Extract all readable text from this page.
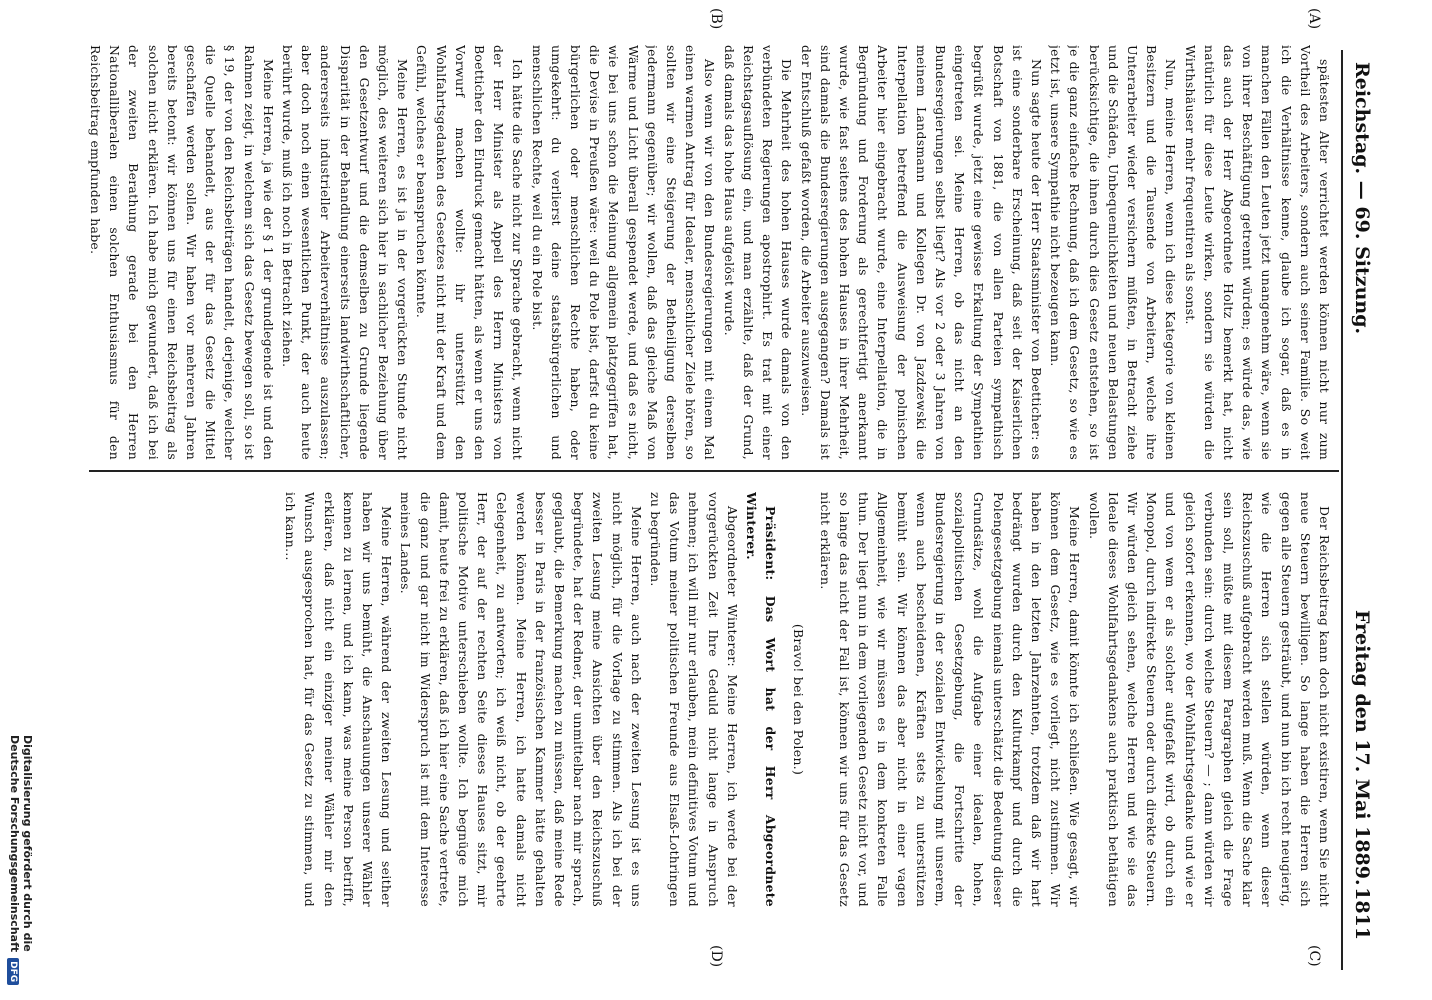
Reichstag. — 69. Sitzung.
Freitag den 17. Mai 1889.
1811
(A)
(B)
(C)
(D)

spätesten Alter verrichtet werden können nicht nur zum Vortheil des Arbeiters, sondern auch seiner Familie. So weit ich die Verhältnisse kenne, glaube ich sogar, daß es in manchen Fällen den Leuten jetzt unangenehm wäre, wenn sie von ihrer Beschäftigung getrennt würden; es würde das, wie das auch der Herr Abgeordnete Holtz bemerkt hat, nicht natürlich für diese Leute wirken, sondern sie würden die Wirthshäuser mehr frequentiren als sonst.

Nun, meine Herren, wenn ich diese Kategorie von kleinen Besitzern und die Tausende von Arbeitern, welche ihre Unterarbeiter wieder versichern müßten, in Betracht ziehe und die Schäden, Unbequemlichkeiten und neuen Belastungen berücksichtige, die ihnen durch dies Gesetz entstehen, so ist je die ganz einfache Rechnung, daß ich dem Gesetz, so wie es jetzt ist, unsere Sympathie nicht bezeugen kann.

Nun sagte heute der Herr Staatsminister von Boetticher: es ist eine sonderbare Erscheinung, daß seit der Kaiserlichen Botschaft von 1881, die von allen Parteien sympathisch begrüßt wurde, jetzt eine gewisse Erkaltung der Sympathien eingetreten sei. Meine Herren, ob das nicht an den Bundesregierungen selbst liegt? Als vor 2 oder 3 Jahren von meinem Landsmann und Kollegen Dr. von Jazdzewski die Interpellation betreffend die Ausweisung der polnischen Arbeiter hier eingebracht wurde, eine Interpellation, die in Begründung und Forderung als gerechtfertigt anerkannt wurde, wie fast seitens des hohen Hauses in ihrer Mehrheit, sind damals die Bundesregierungen ausgegangen? Damals ist der Entschluß gefaßt worden, die Arbeiter auszuweisen.

Die Mehrheit des hohen Hauses wurde damals von den verbündeten Regierungen apostrophirt. Es trat mit einer Reichstagsauflösung ein, und man erzählte, daß der Grund, daß damals das hohe Haus aufgelöst wurde.

Also wenn wir von den Bundesregierungen mit einem Mal einen warmen Antrag für Idealer, menschlicher Ziele hören, so sollten wir eine Steigerung der Betheiligung derselben jedermann gegenüber; wir wollen, daß das gleiche Maß von Wärme und Licht überall gespendet werde, und daß es nicht, wie bei uns schon die Meinung allgemein platzgegriffen hat, die Devise in Preußen wäre: weil du Pole bist, darfst du keine bürgerlichen oder menschlichen Rechte haben, oder umgekehrt: du verlierst deine staatsbürgerlichen und menschlichen Rechte, weil du ein Pole bist.

Ich hätte die Sache nicht zur Sprache gebracht, wenn nicht der Herr Minister als Appell des Herrn Ministers von Boetticher den Eindruck gemacht hätten, als wenn er uns den Vorwurf machen wollte: ihr unterstützt den Wohlfahrtsgedanken des Gesetzes nicht mit der Kraft und dem Gefühl, welches er beanspruchen könnte.

Meine Herren, es ist ja in der vorgerückten Stunde nicht möglich, des weiteren sich hier in sachlicher Beziehung über den Gesetzentwurf und die demselben zu Grunde liegende Disparität in der Behandlung einerseits landwirthschaftlicher, andererseits industrieller Arbeiterverhältnisse auszulassen; aber doch noch einen wesentlichen Punkt, der auch heute berührt wurde, muß ich noch in Betracht ziehen.

Meine Herren, ja wie der § 1 der grundlegende ist und den Rahmen zeigt, in welchem sich das Gesetz bewegen soll, so ist § 19, der von den Reichsbeiträgen handelt, derjenige, welcher die Quelle behandelt, aus der für das Gesetz die Mittel geschaffen werden sollen. Wir haben vor mehreren Jahren bereits betont: wir können uns für einen Reichsbeitrag als solchen nicht erklären. Ich habe mich gewundert, daß ich bei der zweiten Berathung gerade bei den Herren Nationalliberalen einen solchen Enthusiasmus für den Reichsbeitrag empfunden habe.

Der Reichsbeitrag kann doch nicht existiren, wenn Sie nicht neue Steuern bewilligen. So lange haben die Herren sich gegen alle Steuern gesträubt, und nun bin ich recht neugierig, wie die Herren sich stellen würden, wenn dieser Reichszuschuß aufgebracht werden muß. Wenn die Sache klar sein soll, müßte mit diesem Paragraphen gleich die Frage verbunden sein: durch welche Steuern? — ; dann würden wir gleich sofort erkennen, wo der Wohlfahrtsgedanke und wie er und von wem er als solcher aufgefaßt wird, ob durch ein Monopol, durch indirekte Steuern oder durch direkte Steuern. Wir würden gleich sehen, welche Herren und wie sie das Ideale dieses Wohlfahrtsgedankens auch praktisch bethätigen wollen.

Meine Herren, damit könnte ich schließen. Wie gesagt, wir können dem Gesetz, wie es vorliegt, nicht zustimmen. Wir haben in den letzten Jahrzehnten, trotzdem daß wir hart bedrängt wurden durch den Kulturkampf und durch die Polengesetzgebung niemals unterschätzt die Bedeutung dieser Grundsätze, wohl die Aufgabe einer idealen, hohen, sozialpolitischen Gesetzgebung, die Fortschritte der Bundesregierung in der sozialen Entwickelung mit unserem, wenn auch bescheidenen, Kräften stets zu unterstützen bemüht sein. Wir können das aber nicht in einer vagen Allgemeinheit, wie wir müssen es in dem konkreten Falle thun. Der liegt nun in dem vorliegenden Gesetz nicht vor, und so lange das nicht der Fall ist, können wir uns für das Gesetz nicht erklären.

(Bravo! bei den Polen.)

Präsident: Das Wort hat der Herr Abgeordnete Winterer.

Abgeordneter Winterer: Meine Herren, ich werde bei der vorgerückten Zeit Ihre Geduld nicht lange in Anspruch nehmen; ich will mir nur erlauben, mein definitives Votum und das Votum meiner politischen Freunde aus Elsaß-Lothringen zu begründen.

Meine Herren, auch nach der zweiten Lesung ist es uns nicht möglich, für die Vorlage zu stimmen. Als ich bei der zweiten Lesung meine Ansichten über den Reichszuschuß begründete, hat der Redner, der unmittelbar nach mir sprach, geglaubt, die Bemerkung machen zu müssen, daß meine Rede besser in Paris in der französischen Kammer hätte gehalten werden können. Meine Herren, ich hatte damals nicht Gelegenheit, zu antworten; ich weiß nicht, ob der geehrte Herr, der auf der rechten Seite dieses Hauses sitzt, mir politische Motive unterschieben wollte. Ich begnüge mich damit, heute frei zu erklären, daß ich hier eine Sache vertrete, die ganz und gar nicht im Widerspruch ist mit dem Interesse meines Landes.

Meine Herren, während der zweiten Lesung und seither haben wir uns bemüht, die Anschauungen unserer Wähler kennen zu lernen, und ich kann, was meine Person betrifft, erklären, daß nicht ein einziger meiner Wähler mir den Wunsch ausgesprochen hat, für das Gesetz zu stimmen, und ich kann...

Digitalisierung gefördert durch die Deutsche ForschungsgemeinschaftDFG
